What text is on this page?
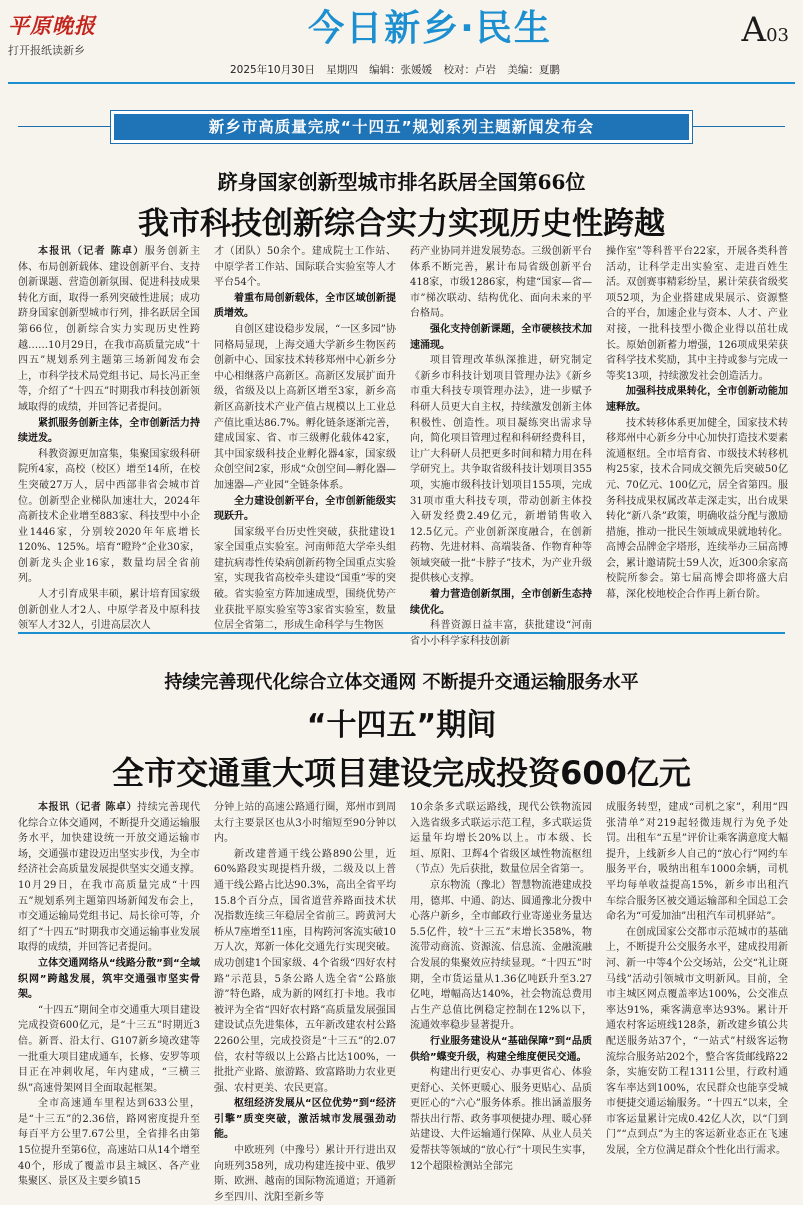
平原晚报
打开报纸读新乡
今日新乡·民生	A03
2025年10月30日 星期四 编辑：张媛媛 校对：卢岩 美编：夏鹏
新乡市高质量完成“十四五”规划系列主题新闻发布会
跻身国家创新型城市排名跃居全国第66位
我市科技创新综合实力实现历史性跨越

本报讯（记者 陈卓）服务创新主体、布局创新载体、建设创新平台、支持创新课题、营造创新氛围、促进科技成果转化方面，取得一系列突破性进展；成功跻身国家创新型城市行列，排名跃居全国第66位，创新综合实力实现历史性跨越……10月29日，在我市高质量完成“十四五”规划系列主题第三场新闻发布会上，市科学技术局党组书记、局长冯正奎等，介绍了“十四五”时期我市科技创新领域取得的成绩，并回答记者提问。

紧抓服务创新主体，全市创新活力持续迸发。

科教资源更加富集，集聚国家级科研院所4家，高校（校区）增至14所，在校生突破27万人，居中西部非省会城市首位。创新型企业梯队加速壮大，2024年高新技术企业增至883家、科技型中小企业1446家，分别较2020年年底增长120%、125%。培育“瞪羚”企业30家，创新龙头企业16家，数量均居全省前列。

人才引育成果丰硕，累计培育国家级创新创业人才2人、中原学者及中原科技领军人才32人，引进高层次人

才（团队）50余个。建成院士工作站、中原学者工作站、国际联合实验室等人才平台54个。

着重布局创新载体，全市区域创新提质增效。

自创区建设稳步发展，“一区多园”协同格局显现，上海交通大学新乡生物医药创新中心、国家技术转移郑州中心新乡分中心相继落户高新区。高新区发展扩面升级，省级及以上高新区增至3家，新乡高新区高新技术产业产值占规模以上工业总产值比重达86.7%。孵化链条逐渐完善，建成国家、省、市三级孵化载体42家，其中国家级科技企业孵化器4家，国家级众创空间2家，形成“众创空间—孵化器—加速器—产业园”全链条体系。

全力建设创新平台，全市创新能级实现跃升。

国家级平台历史性突破，获批建设1家全国重点实验室。河南师范大学牵头组建抗病毒性传染病创新药物全国重点实验室，实现我省高校牵头建设“国重”零的突破。省实验室方阵加速成型，围绕优势产业获批平原实验室等3家省实验室，数量位居全省第二，形成生命科学与生物医

药产业协同并进发展势态。三级创新平台体系不断完善，累计布局省级创新平台418家，市级1286家，构建“国家—省—市”梯次联动、结构优化、面向未来的平台格局。

强化支持创新课题，全市硬核技术加速涌现。

项目管理改革纵深推进，研究制定《新乡市科技计划项目管理办法》《新乡市重大科技专项管理办法》，进一步赋予科研人员更大自主权，持续激发创新主体积极性、创造性。项目凝练突出需求导向，简化项目管理过程和科研经费科目，让广大科研人员把更多时间和精力用在科学研究上。共争取省级科技计划项目355项，实施市级科技计划项目155项，完成31项市重大科技专项，带动创新主体投入研发经费2.49亿元，新增销售收入12.5亿元。产业创新深度融合，在创新药物、先进材料、高端装备、作物育种等领域突破一批“卡脖子”技术，为产业升级提供核心支撑。

着力营造创新氛围，全市创新生态持续优化。

科普资源日益丰富，获批建设“河南省小小科学家科技创新

操作室”等科普平台22家，开展各类科普活动，让科学走出实验室、走进百姓生活。双创赛事精彩纷呈，累计荣获省级奖项52项，为企业搭建成果展示、资源整合的平台，加速企业与资本、人才、产业对接，一批科技型小微企业得以茁壮成长。原始创新蓄力增强，126项成果荣获省科学技术奖励，其中主持或参与完成一等奖13项，持续激发社会创造活力。

加强科技成果转化，全市创新动能加速释放。

技术转移体系更加健全，国家技术转移郑州中心新乡分中心加快打造技术要素流通枢纽。全市培育省、市级技术转移机构25家，技术合同成交额先后突破50亿元、70亿元、100亿元，居全省第四。服务科技成果权属改革走深走实，出台成果转化“新八条”政策，明确收益分配与激励措施，推动一批民生领域成果就地转化。高博会品牌金字塔形，连续举办三届高博会，累计邀请院士59人次，近300余家高校院所参会。第七届高博会即将盛大启幕，深化校地校企合作再上新台阶。

持续完善现代化综合立体交通网 不断提升交通运输服务水平
“十四五”期间
全市交通重大项目建设完成投资600亿元

本报讯（记者 陈卓）持续完善现代化综合立体交通网，不断提升交通运输服务水平，加快建设统一开放交通运输市场，交通强市建设迈出坚实步伐，为全市经济社会高质量发展提供坚实交通支撑。10月29日，在我市高质量完成“十四五”规划系列主题第四场新闻发布会上，市交通运输局党组书记、局长徐可等，介绍了“十四五”时期我市交通运输事业发展取得的成绩，并回答记者提问。

立体交通网络从“线路分散”到“全域织网”跨越发展，筑牢交通强市坚实骨架。

“十四五”期间全市交通重大项目建设完成投资600亿元，是“十三五”时期近3倍。新晋、沿太行、G107新乡境改建等一批重大项目建成通车，长修、安罗等项目正在冲刺收尾，年内建成，“三横三纵”高速骨架网目全面取起框架。

全市高速通车里程达到633公里，是“十三五”的2.36倍，路网密度提升至每百平方公里7.67公里，全省排名由第15位提升至第6位，高速站口从14个增至40个，形成了覆盖市县主城区、各产业集聚区、景区及主要乡镇15

分钟上站的高速公路通行圈，郑州市到周太行主要景区也从3小时缩短至90分钟以内。

新改建普通干线公路890公里，近60%路段实现提档升级，二级及以上普通干线公路占比达90.3%，高出全省平均15.8个百分点，国省道营养路面技术状况指数连续三年稳居全省前三。跨黄河大桥从7座增至11座，目构跨河客流实破10万人次，郑新一体化交通先行实现突破。成功创建1个国家级、4个省级“四好农村路”示范县，5条公路人选全省“公路旅游”特色路，成为新的网红打卡地。我市被评为全省“四好农村路”高质量发展强国建设试点先进集体，五年新改建农村公路2260公里，完成投资是“十三五”的2.07倍，农村等级以上公路占比达100%，一批批产业路、旅游路、致富路助力农业更强、农村更美、农民更富。

枢纽经济发展从“区位优势”到“经济引擎”质变突破，激活城市发展强劲动能。

中欧班列（中豫号）累计开行进出双向班列358列，成功构建连接中亚、俄罗斯、欧洲、越南的国际物流通道；开通新乡至四川、沈阳至新乡等

10余条多式联运路线，现代公铁物流园入选省级多式联运示范工程，多式联运货运量年均增长20%以上。市本级、长垣、原阳、卫辉4个省级区域性物流枢纽（节点）先后获批，数量位居全省第一。

京东物流（豫北）智慧物流港建成投用，德邦、中通、韵达、圆通豫北分拨中心落户新乡，全市邮政行业寄递业务量达5.5亿件，较“十三五”末增长358%，物流带动商流、资源流、信息流、金融流融合发展的集聚效应持续显现。“十四五”时期，全市货运量从1.36亿吨跃升至3.27亿吨，增幅高达140%，社会物流总费用占生产总值比例稳定控制在12%以下，流通效率稳步显著提升。

行业服务建设从“基础保障”到“品质供给”蝶变升级，构建全维度便民交通。

构建出行更安心、办事更省心、体验更舒心、关怀更暖心、服务更贴心、品质更匠心的“六心”服务体系。推出涵盖服务帮扶出行帮、政务事项便捷办理、暖心驿站建设、大件运输通行保障、从业人员关爱帮扶等领域的“放心行”十项民生实事，12个超限检测站全部完

成服务转型，建成“司机之家”，利用“四张清单”对219起轻微违规行为免予处罚。出租车“五星”评价让乘客满意度大幅提升，上线新乡人自己的“放心行”网约车服务平台，吸纳出租车1000余辆，司机平均每单收益提高15%，新乡市出租汽车综合服务区被交通运输部和全国总工会命名为“可爱加油”出租汽车司机驿站”。

在创成国家公交都市示范城市的基础上，不断提升公交服务水平，建成投用新河、新一中等4个公交场站，公交“礼让斑马线”活动引领城市文明新风。目前，全市主城区网点覆盖率达100%，公交准点率达91%，乘客满意率达93%。累计开通农村客运班线128条，新改建乡镇公共配送服务站37个，“一站式”村级客运物流综合服务站202个，整合客货邮线路22条，实施安防工程1311公里，行政村通客车率达到100%，农民群众也能享受城市便捷交通运输服务。“十四五”以来，全市客运量累计完成0.42亿人次，以“门到门”“点到点”为主的客运新业态正在飞速发展，全方位满足群众个性化出行需求。
